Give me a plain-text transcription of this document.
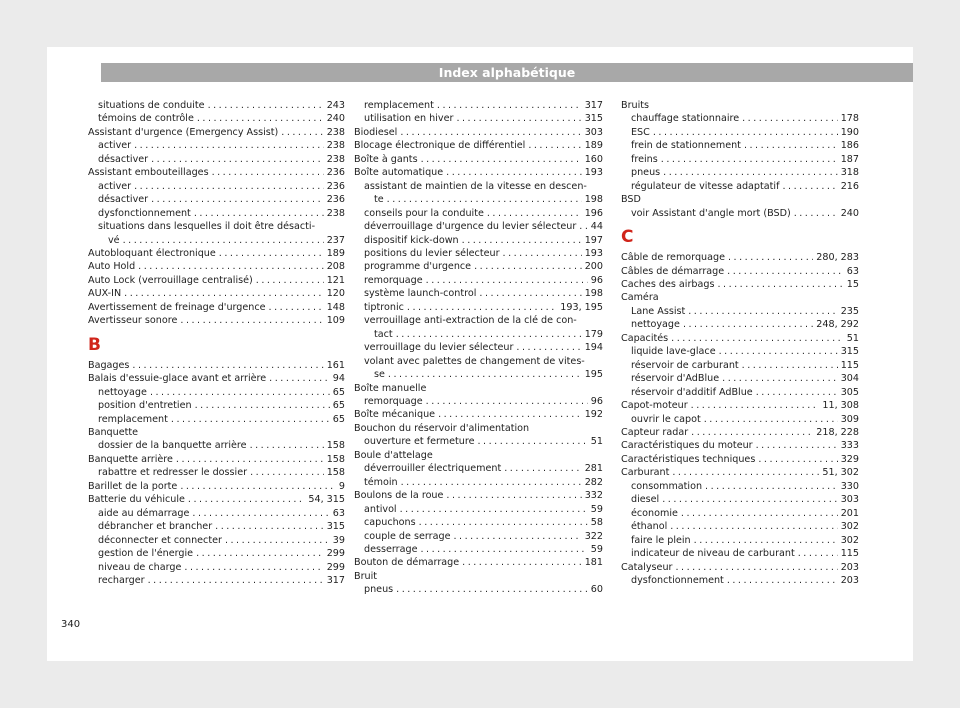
Index alphabétique
situations de conduite .....	243
témoins de contrôle .....	240
Assistant d'urgence (Emergency Assist) .....	238
activer .....	238
désactiver .....	238
Assistant embouteillages .....	236
activer .....	236
désactiver .....	236
dysfonctionnement .....	238
situations dans lesquelles il doit être désacti-
vé .....	237
Autobloquant électronique .....	189
Auto Hold .....	208
Auto Lock (verrouillage centralisé) .....	121
AUX-IN .....	120
Avertissement de freinage d'urgence .....	148
Avertisseur sonore .....	109
B
Bagages .....	161
Balais d'essuie-glace avant et arrière .....	94
nettoyage .....	65
position d'entretien .....	65
remplacement .....	65
Banquette
dossier de la banquette arrière .....	158
Banquette arrière .....	158
rabattre et redresser le dossier .....	158
Barillet de la porte .....	9
Batterie du véhicule .....	54, 315
aide au démarrage .....	63
débrancher et brancher .....	315
déconnecter et connecter .....	39
gestion de l'énergie .....	299
niveau de charge .....	299
recharger .....	317
remplacement .....	317
utilisation en hiver .....	315
Biodiesel .....	303
Blocage électronique de différentiel .....	189
Boîte à gants .....	160
Boîte automatique .....	193
assistant de maintien de la vitesse en descen-
te .....	198
conseils pour la conduite .....	196
déverrouillage d'urgence du levier sélecteur ..... 44
dispositif kick-down .....	197
positions du levier sélecteur .....	193
programme d'urgence .....	200
remorquage .....	96
système launch-control .....	198
tiptronic .....	193, 195
verrouillage anti-extraction de la clé de con-
tact .....	179
verrouillage du levier sélecteur .....	194
volant avec palettes de changement de vites-
se .....	195
Boîte manuelle
remorquage .....	96
Boîte mécanique .....	192
Bouchon du réservoir d'alimentation
ouverture et fermeture .....	51
Boule d'attelage
déverrouiller électriquement .....	281
témoin .....	282
Boulons de la roue .....	332
antivol .....	59
capuchons .....	58
couple de serrage .....	322
desserrage .....	59
Bouton de démarrage .....	181
Bruit
pneus .....	60
Bruits
chauffage stationnaire .....	178
ESC .....	190
frein de stationnement .....	186
freins .....	187
pneus .....	318
régulateur de vitesse adaptatif .....	216
BSD
voir Assistant d'angle mort (BSD) .....	240
C
Câble de remorquage .....	280, 283
Câbles de démarrage .....	63
Caches des airbags .....	15
Caméra
Lane Assist .....	235
nettoyage .....	248, 292
Capacités .....	51
liquide lave-glace .....	315
réservoir de carburant .....	115
réservoir d'AdBlue .....	304
réservoir d'additif AdBlue .....	305
Capot-moteur .....	11, 308
ouvrir le capot .....	309
Capteur radar .....	218, 228
Caractéristiques du moteur .....	333
Caractéristiques techniques .....	329
Carburant .....	51, 302
consommation .....	330
diesel .....	303
économie .....	201
éthanol .....	302
faire le plein .....	302
indicateur de niveau de carburant .....	115
Catalyseur .....	203
dysfonctionnement .....	203
340
